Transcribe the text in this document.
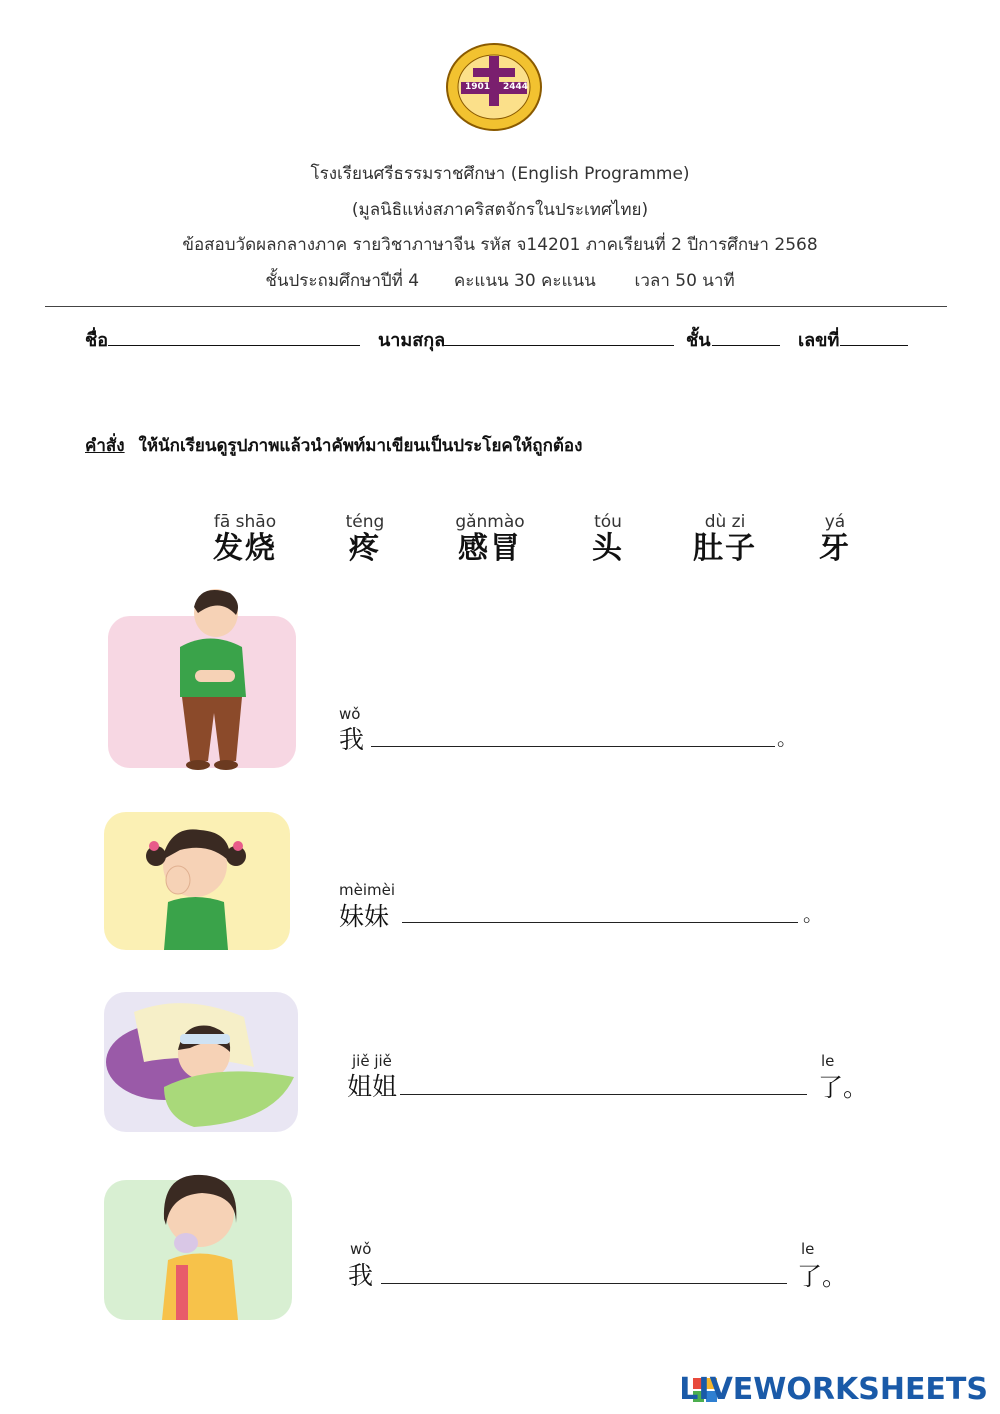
1901 2444
โรงเรียนศรีธรรมราชศึกษา (English Programme)
(มูลนิธิแห่งสภาคริสตจักรในประเทศไทย)
ข้อสอบวัดผลกลางภาค รายวิชาภาษาจีน รหัส จ14201 ภาคเรียนที่ 2 ปีการศึกษา 2568
ชั้นประถมศึกษาปีที่ 4 คะแนน 30 คะแนน เวลา 50 นาที
ชื่อ	นามสกุล	ชั้น	เลขที่
คำสั่ง ให้นักเรียนดูรูปภาพแล้วนำคัพท์มาเขียนเป็นประโยคให้ถูกต้อง
fā shāo
发烧
téng
疼
gǎnmào
感冒
tóu
头
dù zi
肚子
yá
牙
wǒ
我	。
mèimèi
妹妹	。
jiě jiě
姐姐
le
了。
wǒ
我
le
了。
LIVEWORKSHEETS
